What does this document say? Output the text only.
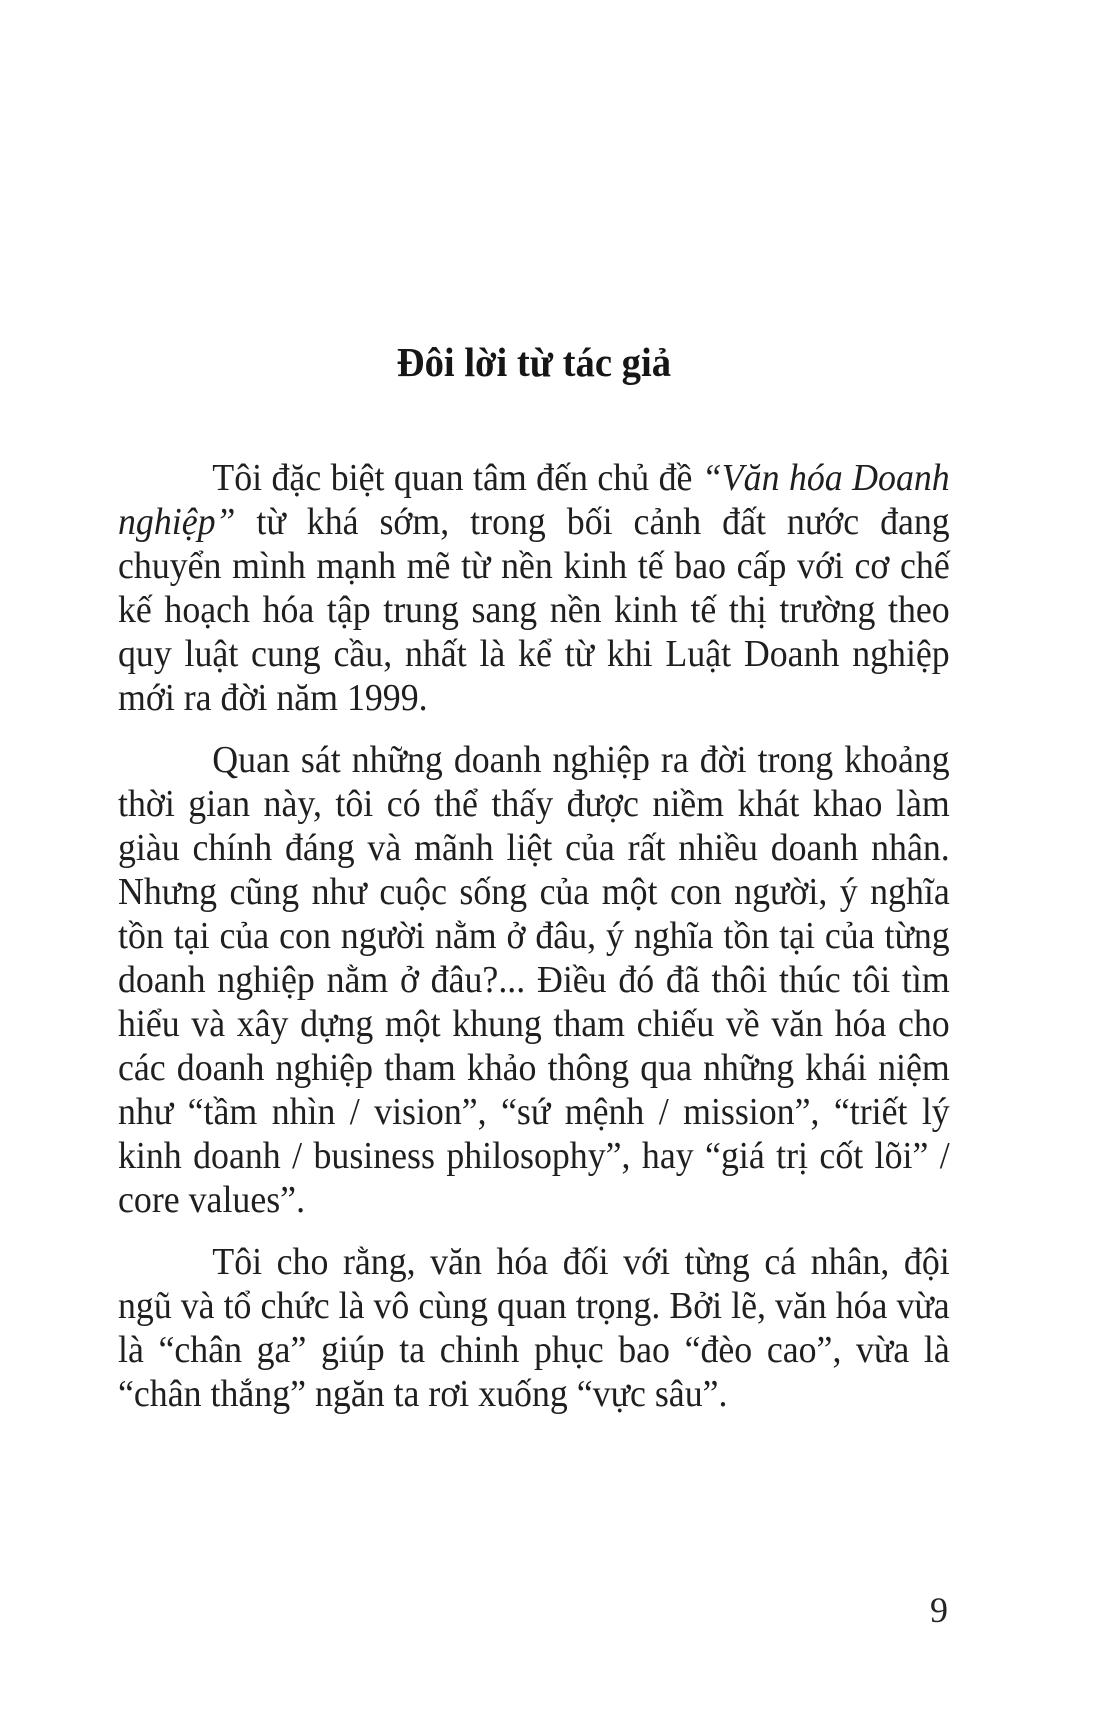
Đôi lời từ tác giả

Tôi đặc biệt quan tâm đến chủ đề “Văn hóa Doanh nghiệp” từ khá sớm, trong bối cảnh đất nước đang chuyển mình mạnh mẽ từ nền kinh tế bao cấp với cơ chế kế hoạch hóa tập trung sang nền kinh tế thị trường theo quy luật cung cầu, nhất là kể từ khi Luật Doanh nghiệp mới ra đời năm 1999.

Quan sát những doanh nghiệp ra đời trong khoảng thời gian này, tôi có thể thấy được niềm khát khao làm giàu chính đáng và mãnh liệt của rất nhiều doanh nhân. Nhưng cũng như cuộc sống của một con người, ý nghĩa tồn tại của con người nằm ở đâu, ý nghĩa tồn tại của từng doanh nghiệp nằm ở đâu?... Điều đó đã thôi thúc tôi tìm hiểu và xây dựng một khung tham chiếu về văn hóa cho các doanh nghiệp tham khảo thông qua những khái niệm như “tầm nhìn / vision”, “sứ mệnh / mission”, “triết lý kinh doanh / business philosophy”, hay “giá trị cốt lõi” / core values”.

Tôi cho rằng, văn hóa đối với từng cá nhân, đội ngũ và tổ chức là vô cùng quan trọng. Bởi lẽ, văn hóa vừa là “chân ga” giúp ta chinh phục bao “đèo cao”, vừa là “chân thắng” ngăn ta rơi xuống “vực sâu”.

9
